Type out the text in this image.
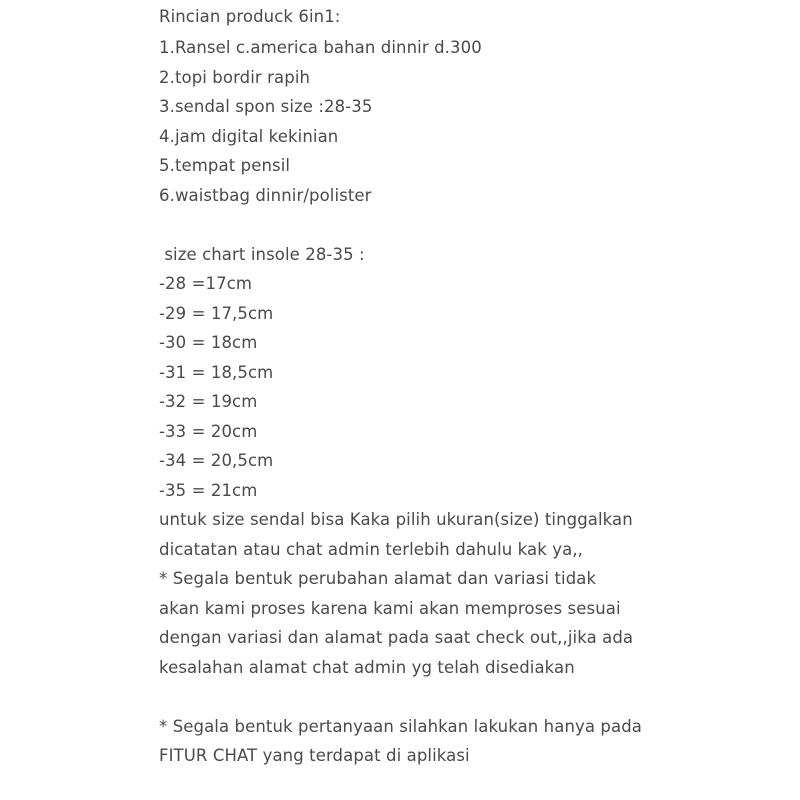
Rincian produck 6in1:
1.Ransel c.america bahan dinnir d.300
2.topi bordir rapih
3.sendal spon size :28-35
4.jam digital kekinian
5.tempat pensil
6.waistbag dinnir/polister
size chart insole 28-35 :
-28 =17cm
-29 = 17,5cm
-30 = 18cm
-31 = 18,5cm
-32 = 19cm
-33 = 20cm
-34 = 20,5cm
-35 = 21cm
untuk size sendal bisa Kaka pilih ukuran(size) tinggalkan
dicatatan atau chat admin terlebih dahulu kak ya,,
* Segala bentuk perubahan alamat dan variasi tidak
akan kami proses karena kami akan memproses sesuai
dengan variasi dan alamat pada saat check out,,jika ada
kesalahan alamat chat admin yg telah disediakan
* Segala bentuk pertanyaan silahkan lakukan hanya pada
FITUR CHAT yang terdapat di aplikasi
